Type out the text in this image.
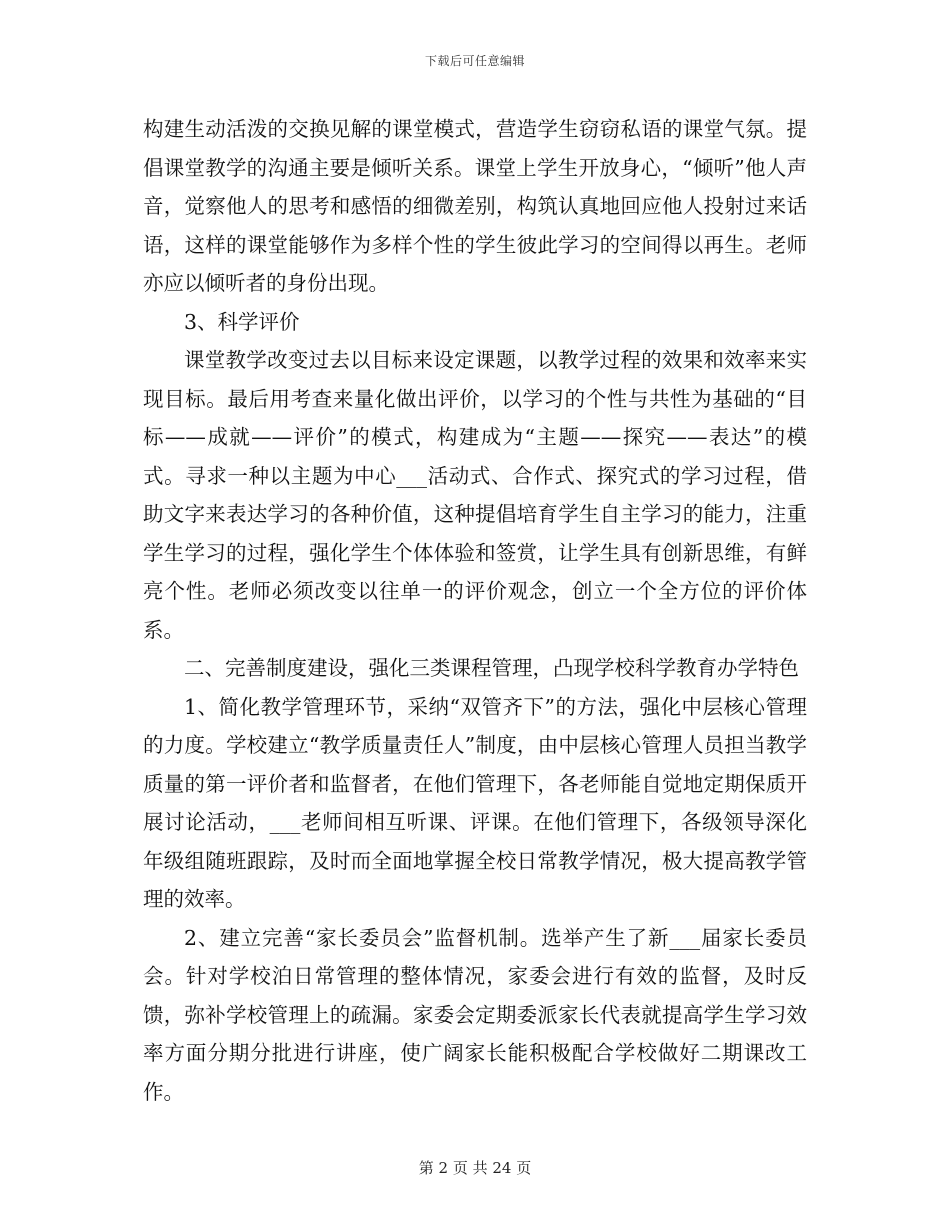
下载后可任意编辑

构建生动活泼的交换见解的课堂模式，营造学生窃窃私语的课堂气氛。提倡课堂教学的沟通主要是倾听关系。课堂上学生开放身心，“倾听”他人声音，觉察他人的思考和感悟的细微差别，构筑认真地回应他人投射过来话语，这样的课堂能够作为多样个性的学生彼此学习的空间得以再生。老师亦应以倾听者的身份出现。

3、科学评价

课堂教学改变过去以目标来设定课题，以教学过程的效果和效率来实现目标。最后用考查来量化做出评价，以学习的个性与共性为基础的“目标——成就——评价”的模式，构建成为“主题——探究——表达”的模式。寻求一种以主题为中心___活动式、合作式、探究式的学习过程，借助文字来表达学习的各种价值，这种提倡培育学生自主学习的能力，注重学生学习的过程，强化学生个体体验和签赏，让学生具有创新思维，有鲜亮个性。老师必须改变以往单一的评价观念，创立一个全方位的评价体系。

二、完善制度建设，强化三类课程管理，凸现学校科学教育办学特色

1、简化教学管理环节，采纳“双管齐下”的方法，强化中层核心管理的力度。学校建立“教学质量责任人”制度，由中层核心管理人员担当教学质量的第一评价者和监督者，在他们管理下，各老师能自觉地定期保质开展讨论活动，___老师间相互听课、评课。在他们管理下，各级领导深化年级组随班跟踪，及时而全面地掌握全校日常教学情况，极大提高教学管理的效率。

2、建立完善“家长委员会”监督机制。选举产生了新___届家长委员会。针对学校泊日常管理的整体情况，家委会进行有效的监督，及时反馈，弥补学校管理上的疏漏。家委会定期委派家长代表就提高学生学习效率方面分期分批进行讲座，使广阔家长能积极配合学校做好二期课改工作。

第 2 页 共 24 页
